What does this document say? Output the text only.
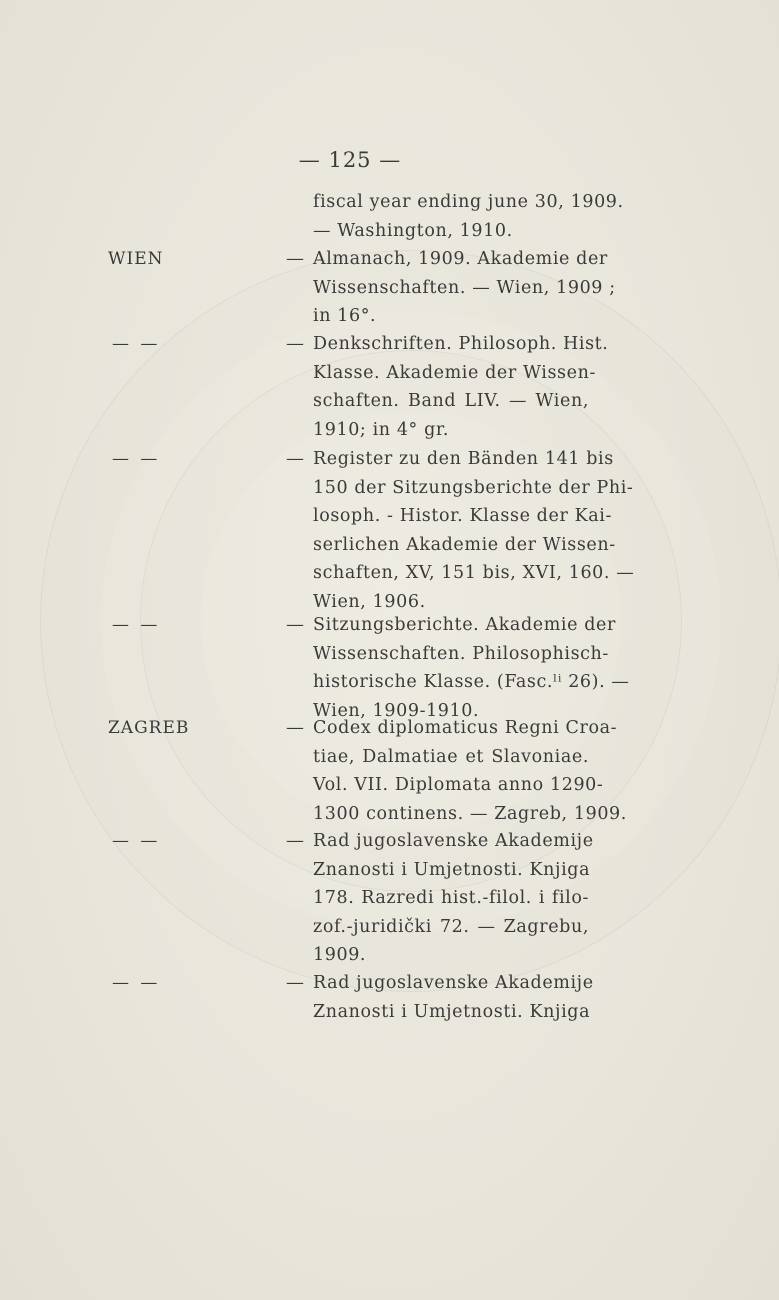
— 125 —
fiscal year ending june 30, 1909.
— Washington, 1910.
WIEN	— Almanach, 1909. Akademie der
Wissenschaften. — Wien, 1909 ;
in 16°.
— —	— Denkschriften. Philosoph. Hist.
Klasse. Akademie der Wissen-
schaften. Band LIV. — Wien,
1910; in 4° gr.
— —	— Register zu den Bänden 141 bis
150 der Sitzungsberichte der Phi-
losoph. - Histor. Klasse der Kai-
serlichen Akademie der Wissen-
schaften, XV, 151 bis, XVI, 160. —
Wien, 1906.
— —	— Sitzungsberichte. Akademie der
Wissenschaften. Philosophisch-
historische Klasse. (Fasc.ˡⁱ 26). —
Wien, 1909-1910.
ZAGREB	— Codex diplomaticus Regni Croa-
tiae, Dalmatiae et Slavoniae.
Vol. VII. Diplomata anno 1290-
1300 continens. — Zagreb, 1909.
— —	— Rad jugoslavenske Akademije
Znanosti i Umjetnosti. Knjiga
178. Razredi hist.-filol. i filo-
zof.-juridički 72. — Zagrebu,
1909.
— —	— Rad jugoslavenske Akademije
Znanosti i Umjetnosti. Knjiga
